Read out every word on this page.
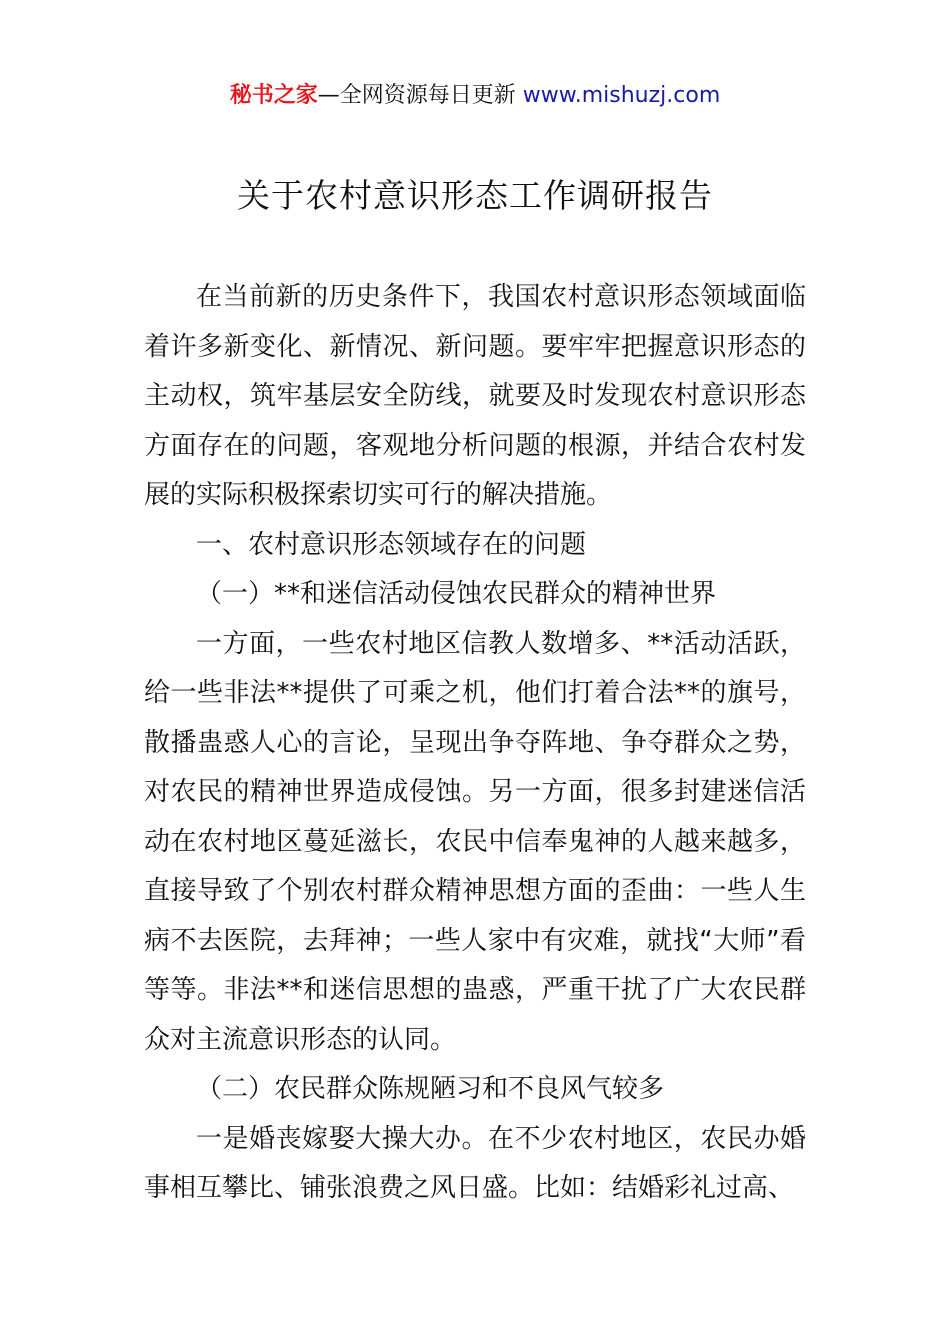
秘书之家—全网资源每日更新 www.mishuzj.com
关于农村意识形态工作调研报告

在当前新的历史条件下，我国农村意识形态领域面临着许多新变化、新情况、新问题。要牢牢把握意识形态的主动权，筑牢基层安全防线，就要及时发现农村意识形态方面存在的问题，客观地分析问题的根源，并结合农村发展的实际积极探索切实可行的解决措施。

一、农村意识形态领域存在的问题

（一）**和迷信活动侵蚀农民群众的精神世界

一方面，一些农村地区信教人数增多、**活动活跃，给一些非法**提供了可乘之机，他们打着合法**的旗号，散播蛊惑人心的言论，呈现出争夺阵地、争夺群众之势，对农民的精神世界造成侵蚀。另一方面，很多封建迷信活动在农村地区蔓延滋长，农民中信奉鬼神的人越来越多，直接导致了个别农村群众精神思想方面的歪曲：一些人生病不去医院，去拜神；一些人家中有灾难，就找“大师”看等等。非法**和迷信思想的蛊惑，严重干扰了广大农民群众对主流意识形态的认同。

（二）农民群众陈规陋习和不良风气较多

一是婚丧嫁娶大操大办。在不少农村地区，农民办婚事相互攀比、铺张浪费之风日盛。比如：结婚彩礼过高、
